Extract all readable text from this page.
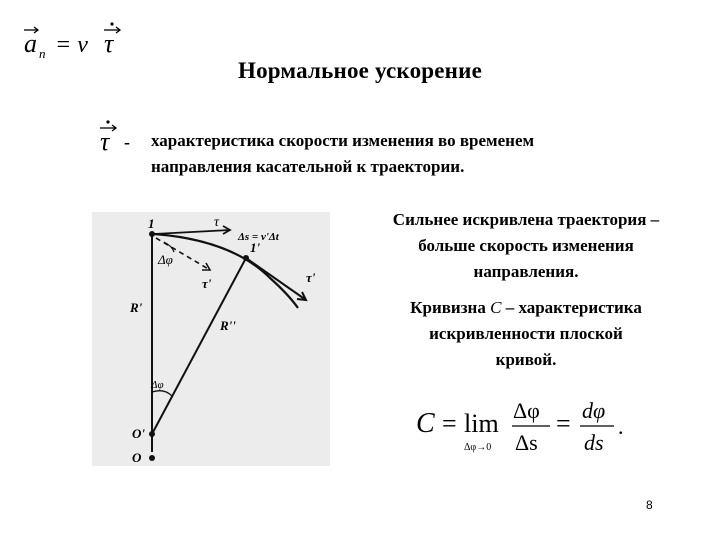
a n = v τ
Нормальное ускорение
τ - характеристика скорости изменения во временем
направления касательной к траектории.
1	τ
Δs = v'Δt
Δφ
1'
τ'	τ'
R'
R''
Δφ
O'
O
Сильнее искривлена траектория –
больше скорость изменения
направления.
Кривизна C – характеристика
искривленности плоской
кривой.
C = lim
Δφ→0
Δφ
Δs
= dφ
ds
.
8
